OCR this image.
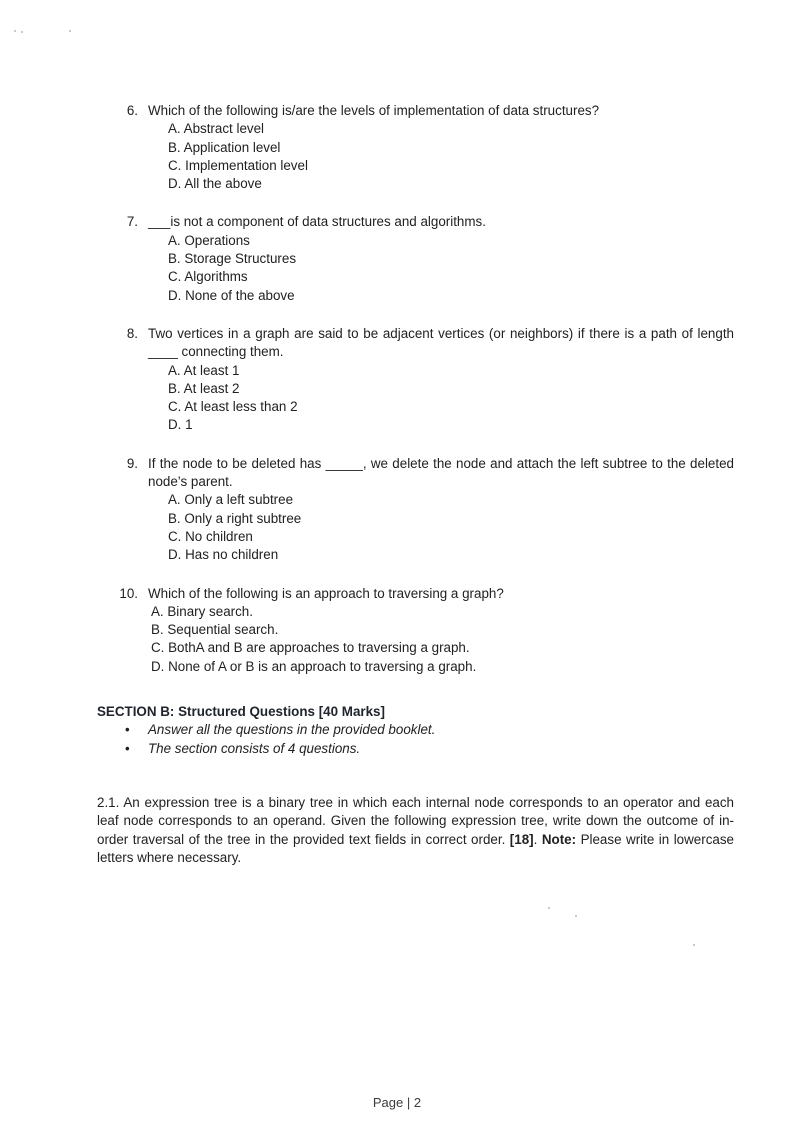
6. Which of the following is/are the levels of implementation of data structures?
A. Abstract level
B. Application level
C. Implementation level
D. All the above
7. ___is not a component of data structures and algorithms.
A. Operations
B. Storage Structures
C. Algorithms
D. None of the above
8. Two vertices in a graph are said to be adjacent vertices (or neighbors) if there is a path of length ____ connecting them.
A. At least 1
B. At least 2
C. At least less than 2
D. 1
9. If the node to be deleted has _____, we delete the node and attach the left subtree to the deleted node’s parent.
A. Only a left subtree
B. Only a right subtree
C. No children
D. Has no children
10. Which of the following is an approach to traversing a graph?
A. Binary search.
B. Sequential search.
C. BothA and B are approaches to traversing a graph.
D. None of A or B is an approach to traversing a graph.
SECTION B: Structured Questions [40 Marks]
•	Answer all the questions in the provided booklet.
•	The section consists of 4 questions.

2.1. An expression tree is a binary tree in which each internal node corresponds to an operator and each leaf node corresponds to an operand. Given the following expression tree, write down the outcome of in-order traversal of the tree in the provided text fields in correct order. [18]. Note: Please write in lowercase letters where necessary.

Page | 2
